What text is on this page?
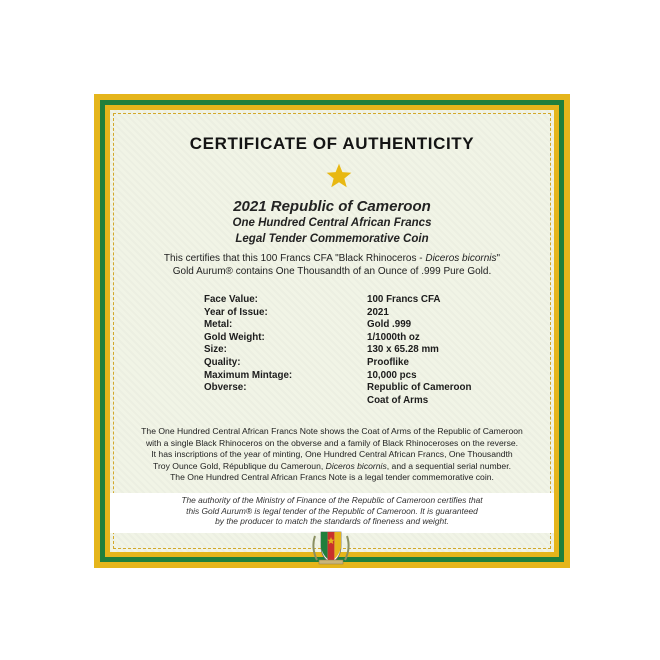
CERTIFICATE OF AUTHENTICITY
2021 Republic of Cameroon
One Hundred Central African Francs
Legal Tender Commemorative Coin
This certifies that this 100 Francs CFA "Black Rhinoceros - Diceros bicornis"
Gold Aurum® contains One Thousandth of an Ounce of .999 Pure Gold.
Face Value:	100 Francs CFA
Year of Issue:	2021
Metal:	Gold .999
Gold Weight:	1/1000th oz
Size:	130 x 65.28 mm
Quality:	Prooflike
Maximum Mintage:	10,000 pcs
Obverse:	Republic of Cameroon
Coat of Arms
The One Hundred Central African Francs Note shows the Coat of Arms of the Republic of Cameroon
with a single Black Rhinoceros on the obverse and a family of Black Rhinoceroses on the reverse.
It has inscriptions of the year of minting, One Hundred Central African Francs, One Thousandth
Troy Ounce Gold, République du Cameroun, Diceros bicornis, and a sequential serial number.
The One Hundred Central African Francs Note is a legal tender commemorative coin.
The authority of the Ministry of Finance of the Republic of Cameroon certifies that
this Gold Aurum® is legal tender of the Republic of Cameroon. It is guaranteed
by the producer to match the standards of fineness and weight.
